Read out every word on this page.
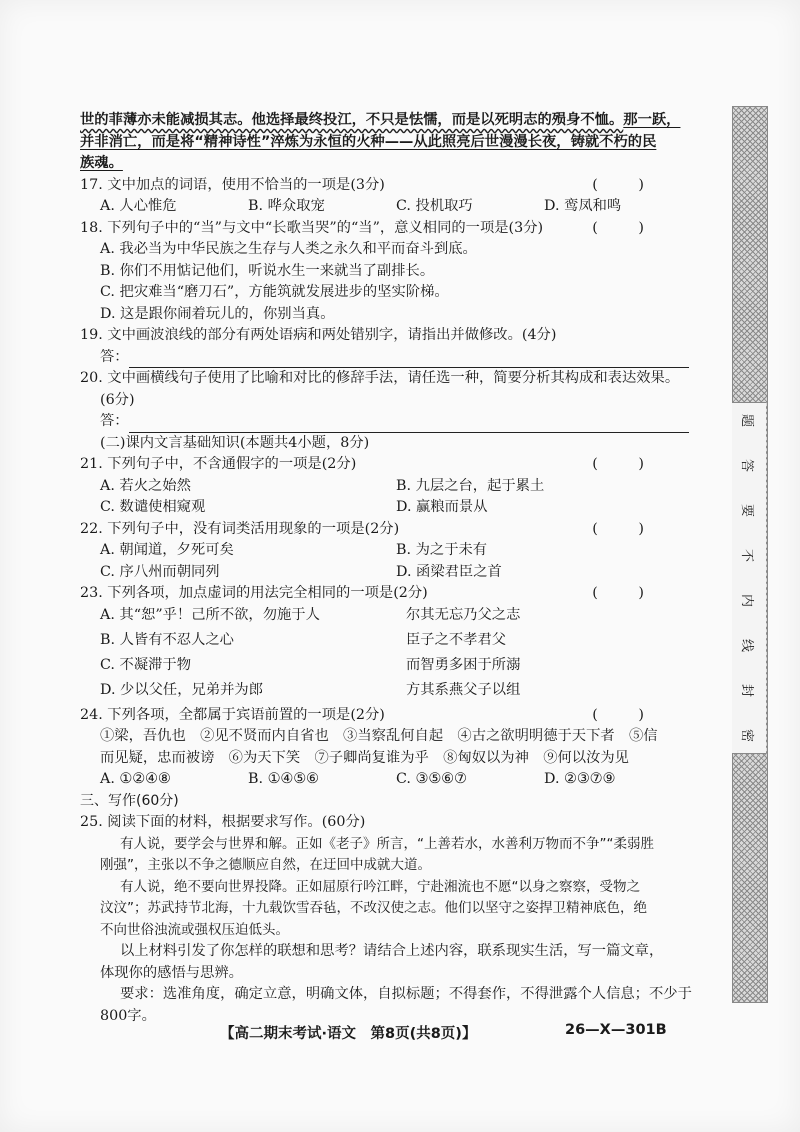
世的菲薄亦未能减损其志。他选择最终投江，不只是怯懦，而是以死明志的殒身不恤。那一跃，
并非消亡，而是将“精神诗性”淬炼为永恒的火种——从此照亮后世漫漫长夜，铸就不朽的民
族魂。
17. 文中加点的词语，使用不恰当的一项是(3分)	( )
A. 人心惟危	B. 哗众取宠	C. 投机取巧	D. 鸾凤和鸣
18. 下列句子中的“当”与文中“长歌当哭”的“当”，意义相同的一项是(3分)	( )
A. 我必当为中华民族之生存与人类之永久和平而奋斗到底。
B. 你们不用惦记他们，听说水生一来就当了副排长。
C. 把灾难当“磨刀石”，方能筑就发展进步的坚实阶梯。
D. 这是跟你闹着玩儿的，你别当真。
19. 文中画波浪线的部分有两处语病和两处错别字，请指出并做修改。(4分)
答：
20. 文中画横线句子使用了比喻和对比的修辞手法，请任选一种，简要分析其构成和表达效果。
(6分)
答：
(二)课内文言基础知识(本题共4小题，8分)
21. 下列句子中，不含通假字的一项是(2分)	( )
A. 若火之始然	B. 九层之台，起于累土
C. 数谴使相窥观	D. 赢粮而景从
22. 下列句子中，没有词类活用现象的一项是(2分)	( )
A. 朝闻道，夕死可矣	B. 为之于未有
C. 序八州而朝同列	D. 函梁君臣之首
23. 下列各项，加点虚词的用法完全相同的一项是(2分)	( )
A. 其“恕”乎！己所不欲，勿施于人	尔其无忘乃父之志
B. 人皆有不忍人之心	臣子之不孝君父
C. 不凝滞于物	而智勇多困于所溺
D. 少以父任，兄弟并为郎	方其系燕父子以组
24. 下列各项，全都属于宾语前置的一项是(2分)	( )
①梁，吾仇也　②见不贤而内自省也　③当察乱何自起　④古之欲明明德于天下者　⑤信
而见疑，忠而被谤　⑥为天下笑　⑦子卿尚复谁为乎　⑧匈奴以为神　⑨何以汝为见
A. ①②④⑧	B. ①④⑤⑥	C. ③⑤⑥⑦	D. ②③⑦⑨
三、写作(60分)
25. 阅读下面的材料，根据要求写作。(60分)
有人说，要学会与世界和解。正如《老子》所言，“上善若水，水善利万物而不争”“柔弱胜
刚强”，主张以不争之德顺应自然，在迂回中成就大道。
有人说，绝不要向世界投降。正如屈原行吟江畔，宁赴湘流也不愿“以身之察察，受物之
汶汶”；苏武持节北海，十九载饮雪吞毡，不改汉使之志。他们以坚守之姿捍卫精神底色，绝
不向世俗浊流或强权压迫低头。
以上材料引发了你怎样的联想和思考？请结合上述内容，联系现实生活，写一篇文章，
体现你的感悟与思辨。
要求：选准角度，确定立意，明确文体，自拟标题；不得套作，不得泄露个人信息；不少于
800字。
【高二期末考试·语文　第8页(共8页)】	26—X—301B
题
答
要
不
内
线
封
密
